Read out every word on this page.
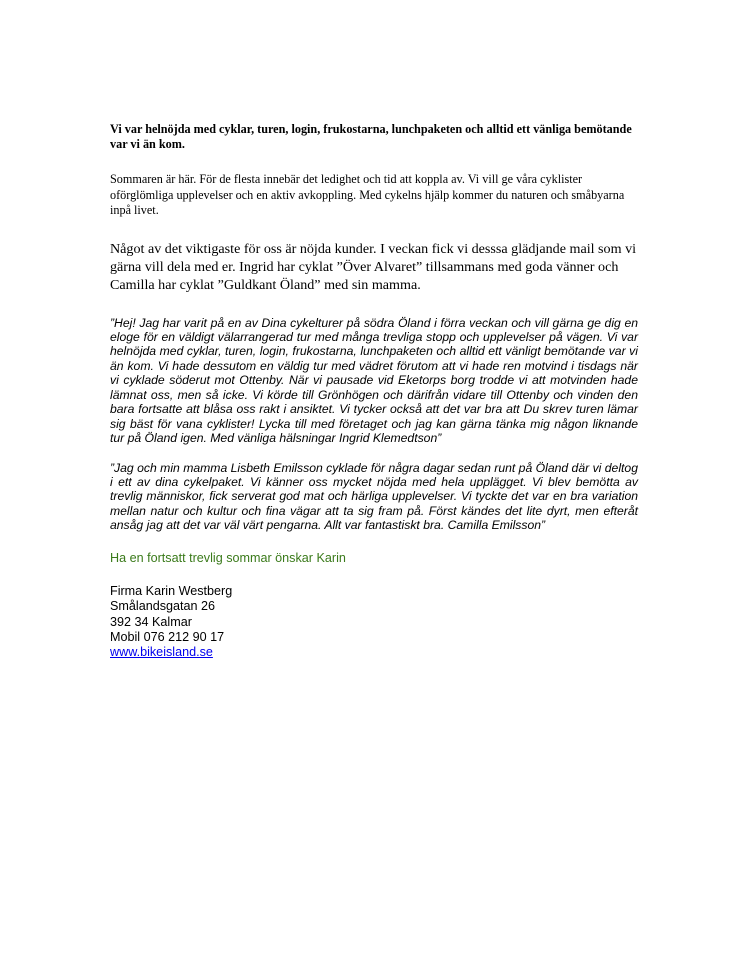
Vi var helnöjda med cyklar, turen, login, frukostarna, lunchpaketen och alltid ett vänliga bemötande var vi än kom.

Sommaren är här. För de flesta innebär det ledighet och tid att koppla av. Vi vill ge våra cyklister oförglömliga upplevelser och en aktiv avkoppling. Med cykelns hjälp kommer du naturen och småbyarna inpå livet.

Något av det viktigaste för oss är nöjda kunder. I veckan fick vi desssa glädjande mail som vi gärna vill dela med er. Ingrid har cyklat ”Över Alvaret” tillsammans med goda vänner och Camilla har cyklat ”Guldkant Öland” med sin mamma.

”Hej! Jag har varit på en av Dina cykelturer på södra Öland i förra veckan och vill gärna ge dig en eloge för en väldigt välarrangerad tur med många trevliga stopp och upplevelser på vägen. Vi var helnöjda med cyklar, turen, login, frukostarna, lunchpaketen och alltid ett vänligt bemötande var vi än kom. Vi hade dessutom en väldig tur med vädret förutom att vi hade ren motvind i tisdags när vi cyklade söderut mot Ottenby. När vi pausade vid Eketorps borg trodde vi att motvinden hade lämnat oss, men så icke. Vi körde till Grönhögen och därifrån vidare till Ottenby och vinden den bara fortsatte att blåsa oss rakt i ansiktet. Vi tycker också att det var bra att Du skrev turen lämar sig bäst för vana cyklister! Lycka till med företaget och jag kan gärna tänka mig någon liknande tur på Öland igen. Med vänliga hälsningar Ingrid Klemedtson”

”Jag och min mamma Lisbeth Emilsson cyklade för några dagar sedan runt på Öland där vi deltog i ett av dina cykelpaket. Vi känner oss mycket nöjda med hela upplägget. Vi blev bemötta av trevlig människor, fick serverat god mat och härliga upplevelser. Vi tyckte det var en bra variation mellan natur och kultur och fina vägar att ta sig fram på. Först kändes det lite dyrt, men efteråt ansåg jag att det var väl värt pengarna. Allt var fantastiskt bra. Camilla Emilsson”

Ha en fortsatt trevlig sommar önskar Karin

Firma Karin Westberg
Smålandsgatan 26
392 34 Kalmar
Mobil 076 212 90 17
www.bikeisland.se
